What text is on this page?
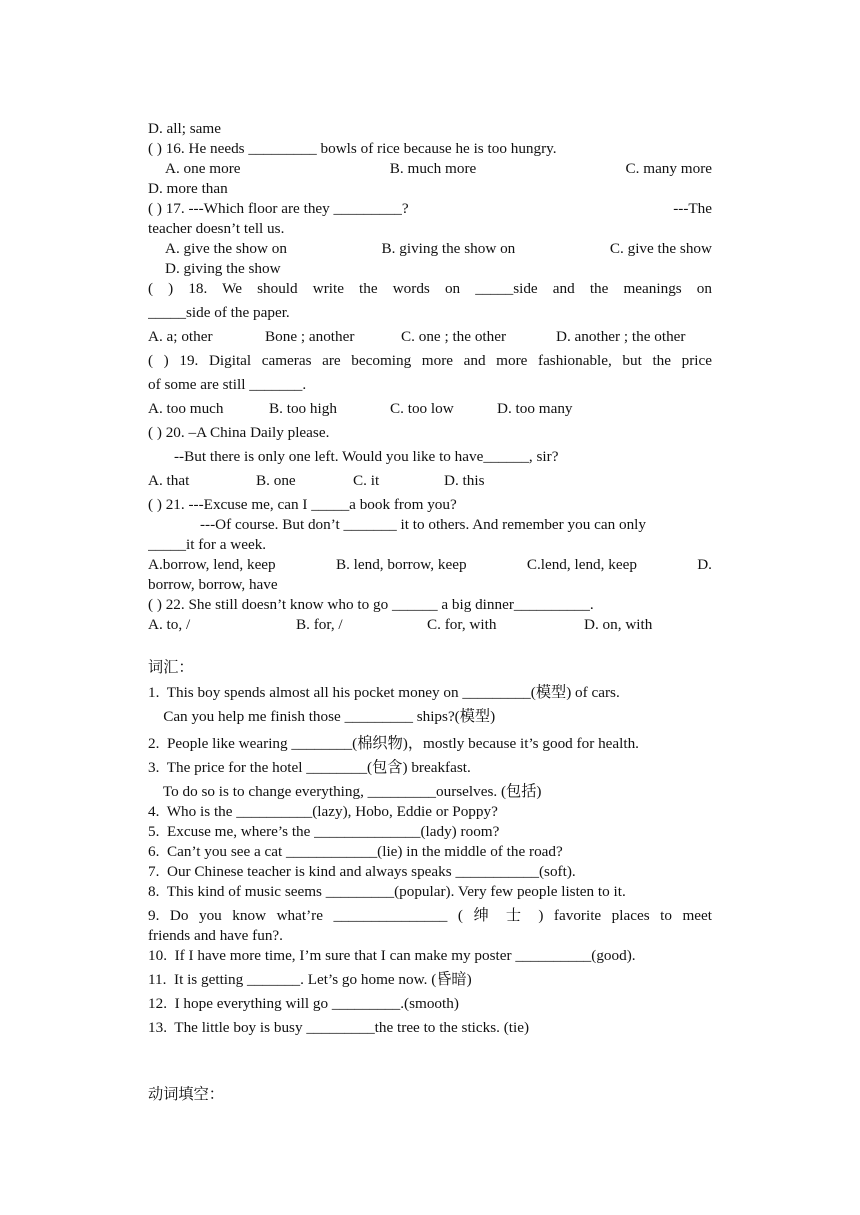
D. all; same
( ) 16. He needs _________ bowls of rice because he is too hungry.
A. one more	B. much more	C. many more
D. more than
( ) 17. ---Which floor are they _________?	---The
teacher doesn’t tell us.
A. give the show on	B. giving the show on	C. give the show
D. giving the show
( ) 18. We should write the words on _____side and the meanings on
_____side of the paper.
A. a; other	Bone ; another	C. one ; the other	D. another ; the other
( ) 19. Digital cameras are becoming more and more fashionable, but the price
of some are still _______.
A. too much	B. too high	C. too low	D. too many
( ) 20. –A China Daily please.
--But there is only one left. Would you like to have______, sir?
A. that	B. one	C. it	D. this
( ) 21. ---Excuse me, can I _____a book from you?
---Of course. But don’t _______ it to others. And remember you can only
_____it for a week.
A.borrow, lend, keep	B. lend, borrow, keep	C.lend, lend, keep	D.
borrow, borrow, have
( ) 22. She still doesn’t know who to go ______ a big dinner__________.
A. to, /	B. for, /	C. for, with	D. on, with
词汇：
1.  This boy spends almost all his pocket money on _________(模型) of cars.
Can you help me finish those _________ ships?(模型)
2.  People like wearing ________(棉织物)，mostly because it’s good for health.
3.  The price for the hotel ________(包含) breakfast.
To do so is to change everything, _________ourselves. (包括)
4.  Who is the __________(lazy), Hobo, Eddie or Poppy?
5.  Excuse me, where’s the ______________(lady) room?
6.  Can’t you see a cat ____________(lie) in the middle of the road?
7.  Our Chinese teacher is kind and always speaks ___________(soft).
8.  This kind of music seems _________(popular). Very few people listen to it.
9. Do you know what’re _______________ ( 绅 士 ) favorite places to meet
friends and have fun?.
10.  If I have more time, I’m sure that I can make my poster __________(good).
11.  It is getting _______. Let’s go home now. (昏暗)
12.  I hope everything will go _________.(smooth)
13.  The little boy is busy _________the tree to the sticks. (tie)
动词填空：
